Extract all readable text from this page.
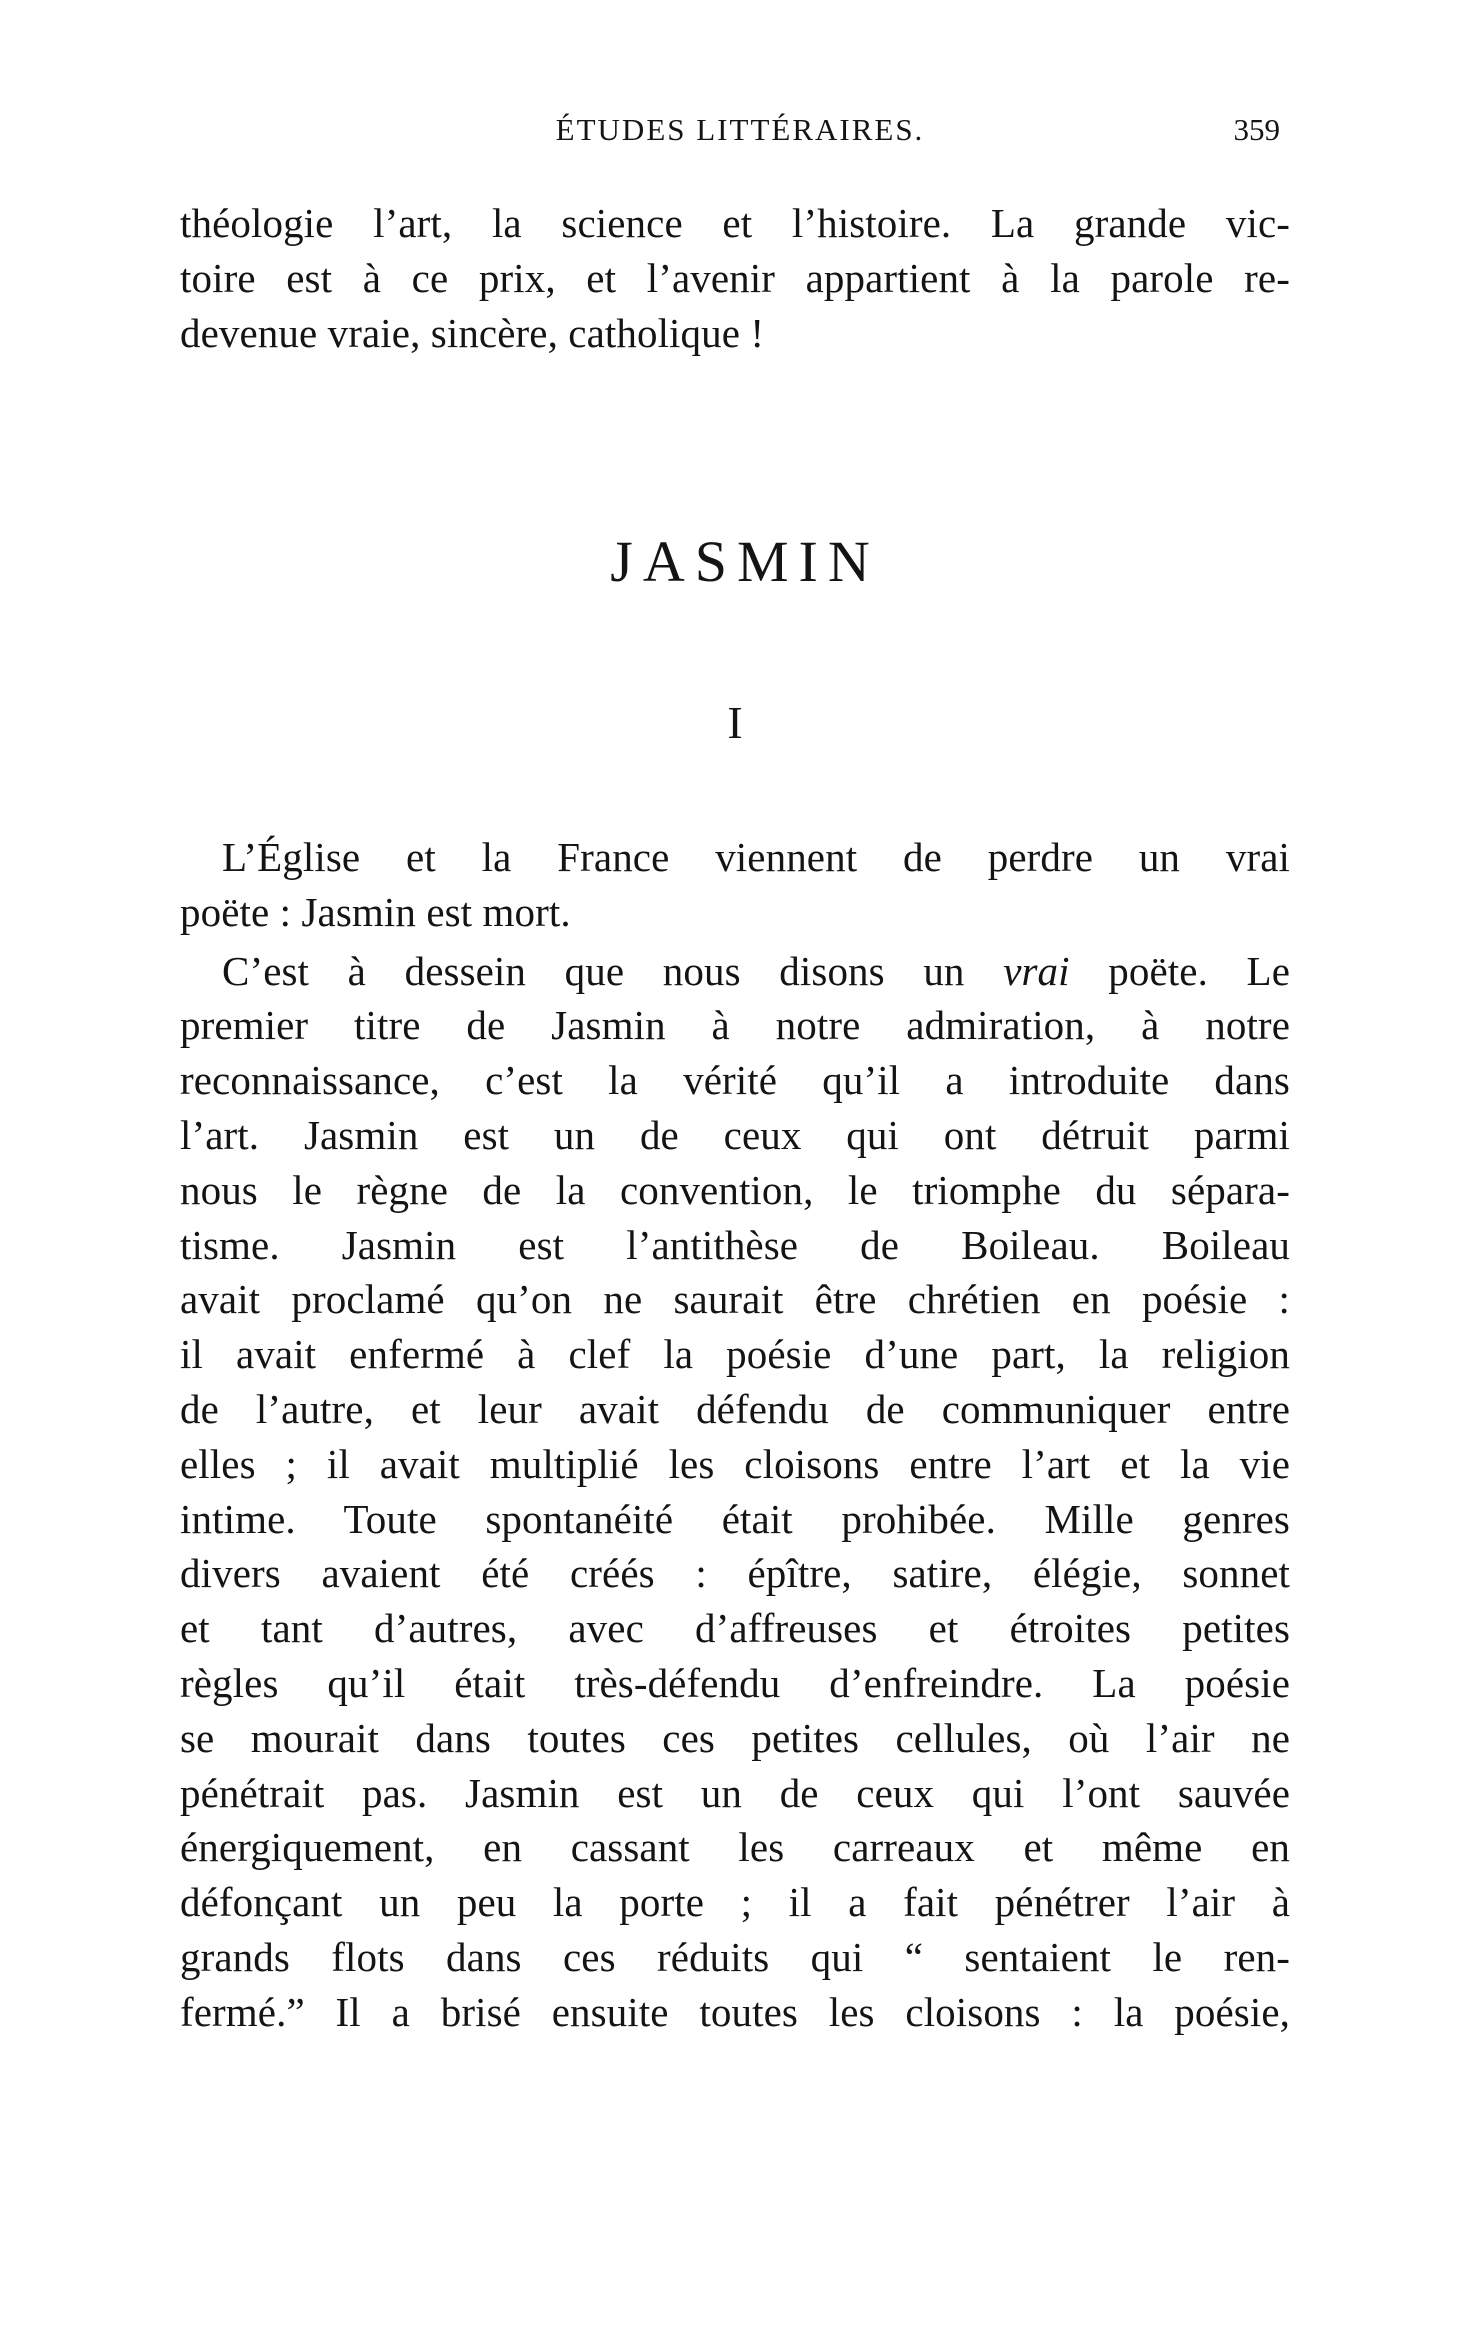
ÉTUDES LITTÉRAIRES.	359

théologie l’art, la science et l’histoire. La grande vic-

toire est à ce prix, et l’avenir appartient à la parole re-

devenue vraie, sincère, catholique !

JASMIN
I

L’Église et la France viennent de perdre un vrai

poëte : Jasmin est mort.

C’est à dessein que nous disons un vrai poëte. Le

premier titre de Jasmin à notre admiration, à notre

reconnaissance, c’est la vérité qu’il a introduite dans

l’art. Jasmin est un de ceux qui ont détruit parmi

nous le règne de la convention, le triomphe du sépara-

tisme. Jasmin est l’antithèse de Boileau. Boileau

avait proclamé qu’on ne saurait être chrétien en poésie :

il avait enfermé à clef la poésie d’une part, la religion

de l’autre, et leur avait défendu de communiquer entre

elles ; il avait multiplié les cloisons entre l’art et la vie

intime. Toute spontanéité était prohibée. Mille genres

divers avaient été créés : épître, satire, élégie, sonnet

et tant d’autres, avec d’affreuses et étroites petites

règles qu’il était très-défendu d’enfreindre. La poésie

se mourait dans toutes ces petites cellules, où l’air ne

pénétrait pas. Jasmin est un de ceux qui l’ont sauvée

énergiquement, en cassant les carreaux et même en

défonçant un peu la porte ; il a fait pénétrer l’air à

grands flots dans ces réduits qui “ sentaient le ren-

fermé.” Il a brisé ensuite toutes les cloisons : la poésie,
